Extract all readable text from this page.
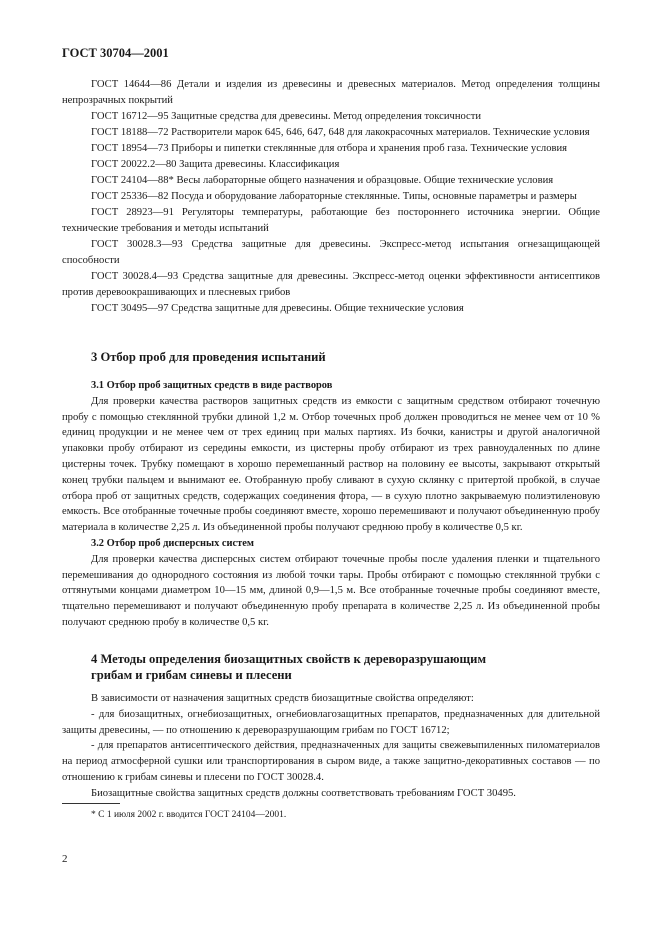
ГОСТ 30704—2001

ГОСТ 14644—86 Детали и изделия из древесины и древесных материалов. Метод определения толщины непрозрачных покрытий

ГОСТ 16712—95 Защитные средства для древесины. Метод определения токсичности

ГОСТ 18188—72 Растворители марок 645, 646, 647, 648 для лакокрасочных материалов. Технические условия

ГОСТ 18954—73 Приборы и пипетки стеклянные для отбора и хранения проб газа. Технические условия

ГОСТ 20022.2—80 Защита древесины. Классификация

ГОСТ 24104—88* Весы лабораторные общего назначения и образцовые. Общие технические условия

ГОСТ 25336—82 Посуда и оборудование лабораторные стеклянные. Типы, основные параметры и размеры

ГОСТ 28923—91 Регуляторы температуры, работающие без постороннего источника энергии. Общие технические требования и методы испытаний

ГОСТ 30028.3—93 Средства защитные для древесины. Экспресс-метод испытания огнезащищающей способности

ГОСТ 30028.4—93 Средства защитные для древесины. Экспресс-метод оценки эффективности антисептиков против деревоокрашивающих и плесневых грибов

ГОСТ 30495—97 Средства защитные для древесины. Общие технические условия

3 Отбор проб для проведения испытаний

3.1 Отбор проб защитных средств в виде растворов

Для проверки качества растворов защитных средств из емкости с защитным средством отбирают точечную пробу с помощью стеклянной трубки длиной 1,2 м. Отбор точечных проб должен проводиться не менее чем от 10 % единиц продукции и не менее чем от трех единиц при малых партиях. Из бочки, канистры и другой аналогичной упаковки пробу отбирают из середины емкости, из цистерны пробу отбирают из трех равноудаленных по длине цистерны точек. Трубку помещают в хорошо перемешанный раствор на половину ее высоты, закрывают открытый конец трубки пальцем и вынимают ее. Отобранную пробу сливают в сухую склянку с притертой пробкой, в случае отбора проб от защитных средств, содержащих соединения фтора, — в сухую плотно закрываемую полиэтиленовую емкость. Все отобранные точечные пробы соединяют вместе, хорошо перемешивают и получают объединенную пробу материала в количестве 2,25 л. Из объединенной пробы получают среднюю пробу в количестве 0,5 кг.

3.2 Отбор проб дисперсных систем

Для проверки качества дисперсных систем отбирают точечные пробы после удаления пленки и тщательного перемешивания до однородного состояния из любой точки тары. Пробы отбирают с помощью стеклянной трубки с оттянутыми концами диаметром 10—15 мм, длиной 0,9—1,5 м. Все отобранные точечные пробы соединяют вместе, тщательно перемешивают и получают объединенную пробу препарата в количестве 2,25 л. Из объединенной пробы получают среднюю пробу в количестве 0,5 кг.

4 Методы определения биозащитных свойств к дереворазрушающим
грибам и грибам синевы и плесени

В зависимости от назначения защитных средств биозащитные свойства определяют:

- для биозащитных, огнебиозащитных, огнебиовлагозащитных препаратов, предназначенных для длительной защиты древесины, — по отношению к дереворазрушающим грибам по ГОСТ 16712;

- для препаратов антисептического действия, предназначенных для защиты свежевыпиленных пиломатериалов на период атмосферной сушки или транспортирования в сыром виде, а также защитно-декоративных составов — по отношению к грибам синевы и плесени по ГОСТ 30028.4.

Биозащитные свойства защитных средств должны соответствовать требованиям ГОСТ 30495.

* С 1 июля 2002 г. вводится ГОСТ 24104—2001.
2
